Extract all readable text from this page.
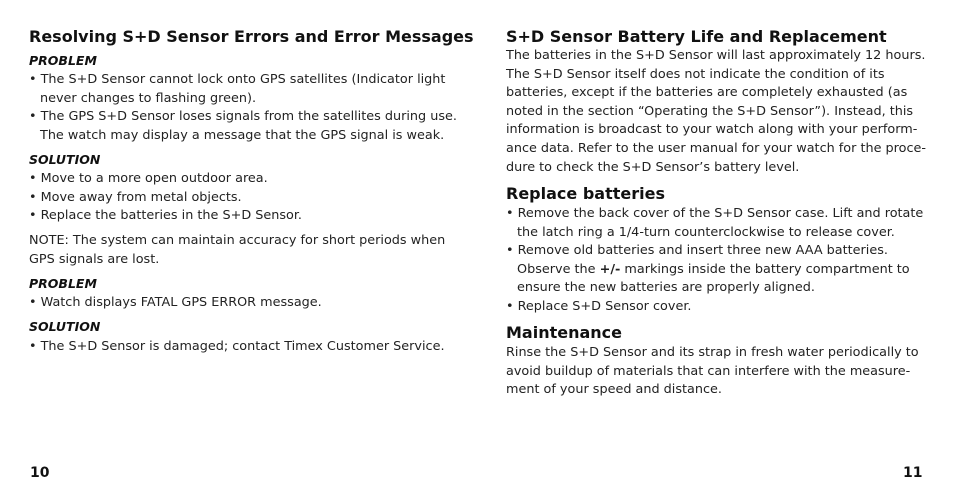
Resolving S+D Sensor Errors and Error Messages
PROBLEM
• The S+D Sensor cannot lock onto GPS satellites (Indicator light
never changes to flashing green).
• The GPS S+D Sensor loses signals from the satellites during use.
The watch may display a message that the GPS signal is weak.
SOLUTION
• Move to a more open outdoor area.
• Move away from metal objects.
• Replace the batteries in the S+D Sensor.
NOTE: The system can maintain accuracy for short periods when
GPS signals are lost.
PROBLEM
• Watch displays FATAL GPS ERROR message.
SOLUTION
• The S+D Sensor is damaged; contact Timex Customer Service.
10
S+D Sensor Battery Life and Replacement
The batteries in the S+D Sensor will last approximately 12 hours.
The S+D Sensor itself does not indicate the condition of its
batteries, except if the batteries are completely exhausted (as
noted in the section “Operating the S+D Sensor”). Instead, this
information is broadcast to your watch along with your perform-
ance data. Refer to the user manual for your watch for the proce-
dure to check the S+D Sensor’s battery level.
Replace batteries
• Remove the back cover of the S+D Sensor case. Lift and rotate
the latch ring a 1/4-turn counterclockwise to release cover.
• Remove old batteries and insert three new AAA batteries.
Observe the +/- markings inside the battery compartment to
ensure the new batteries are properly aligned.
• Replace S+D Sensor cover.
Maintenance
Rinse the S+D Sensor and its strap in fresh water periodically to
avoid buildup of materials that can interfere with the measure-
ment of your speed and distance.
11
